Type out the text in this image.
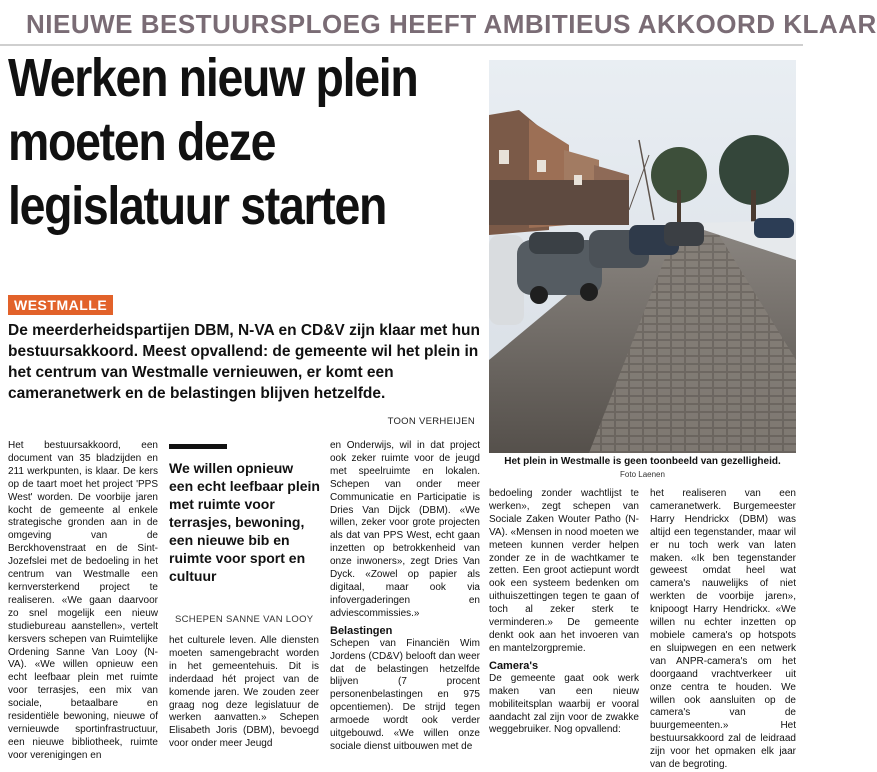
NIEUWE BESTUURSPLOEG HEEFT AMBITIEUS AKKOORD KLAAR
Werken nieuw plein
moeten deze
legislatuur starten
WESTMALLE

De meerderheidspartijen DBM, N-VA en CD&V zijn klaar met hun bestuursakkoord. Meest opvallend: de gemeente wil het plein in het centrum van Westmalle vernieuwen, er komt een cameranetwerk en de belastingen blijven hetzelfde.

TOON VERHEIJEN
Het plein in Westmalle is geen toonbeeld van gezelligheid.
Foto Laenen

Het bestuursakkoord, een document van 35 bladzijden en 211 werkpunten, is klaar. De kers op de taart moet het project 'PPS West' worden. De voorbije jaren kocht de gemeente al enkele strategische gronden aan in de omgeving van de Berckhovenstraat en de Sint-Jozefslei met de bedoeling in het centrum van Westmalle een kernversterkend project te realiseren. «We gaan daarvoor zo snel mogelijk een nieuw studiebureau aanstellen», vertelt kersvers schepen van Ruimtelijke Ordening Sanne Van Looy (N-VA). «We willen opnieuw een echt leefbaar plein met ruimte voor terrasjes, een mix van sociale, betaalbare en residentiële bewoning, nieuwe of vernieuwde sportinfrastructuur, een nieuwe bibliotheek, ruimte voor verenigingen en

We willen opnieuw een echt leefbaar plein met ruimte voor terrasjes, bewoning, een nieuwe bib en ruimte voor sport en cultuur

SCHEPEN SANNE VAN LOOY

het culturele leven. Alle diensten moeten samengebracht worden in het gemeentehuis. Dit is inderdaad hét project van de komende jaren. We zouden zeer graag nog deze legislatuur de werken aanvatten.» Schepen Elisabeth Joris (DBM), bevoegd voor onder meer Jeugd

en Onderwijs, wil in dat project ook zeker ruimte voor de jeugd met speelruimte en lokalen. Schepen van onder meer Communicatie en Participatie is Dries Van Dijck (DBM). «We willen, zeker voor grote projecten als dat van PPS West, echt gaan inzetten op betrokkenheid van onze inwoners», zegt Dries Van Dyck. «Zowel op papier als digitaal, maar ook via infovergaderingen en adviescommissies.»

Belastingen

Schepen van Financiën Wim Jordens (CD&V) belooft dan weer dat de belastingen hetzelfde blijven (7 procent personenbelastingen en 975 opcentiemen). De strijd tegen armoede wordt ook verder uitgebouwd. «We willen onze sociale dienst uitbouwen met de

bedoeling zonder wachtlijst te werken», zegt schepen van Sociale Zaken Wouter Patho (N-VA). «Mensen in nood moeten we meteen kunnen verder helpen zonder ze in de wachtkamer te zetten. Een groot actiepunt wordt ook een systeem bedenken om uithuiszettingen tegen te gaan of toch al zeker sterk te verminderen.» De gemeente denkt ook aan het invoeren van en mantelzorgpremie.

Camera's

De gemeente gaat ook werk maken van een nieuw mobiliteitsplan waarbij er vooral aandacht zal zijn voor de zwakke weggebruiker. Nog opvallend:

het realiseren van een cameranetwerk. Burgemeester Harry Hendrickx (DBM) was altijd een tegenstander, maar wil er nu toch werk van laten maken. «Ik ben tegenstander geweest omdat heel wat camera's nauwelijks of niet werkten de voorbije jaren», knipoogt Harry Hendrickx. «We willen nu echter inzetten op mobiele camera's op hotspots en sluipwegen en een netwerk van ANPR-camera's om het doorgaand vrachtverkeer uit onze centra te houden. We willen ook aansluiten op de camera's van de buurgemeenten.» Het bestuursakkoord zal de leidraad zijn voor het opmaken elk jaar van de begroting.
